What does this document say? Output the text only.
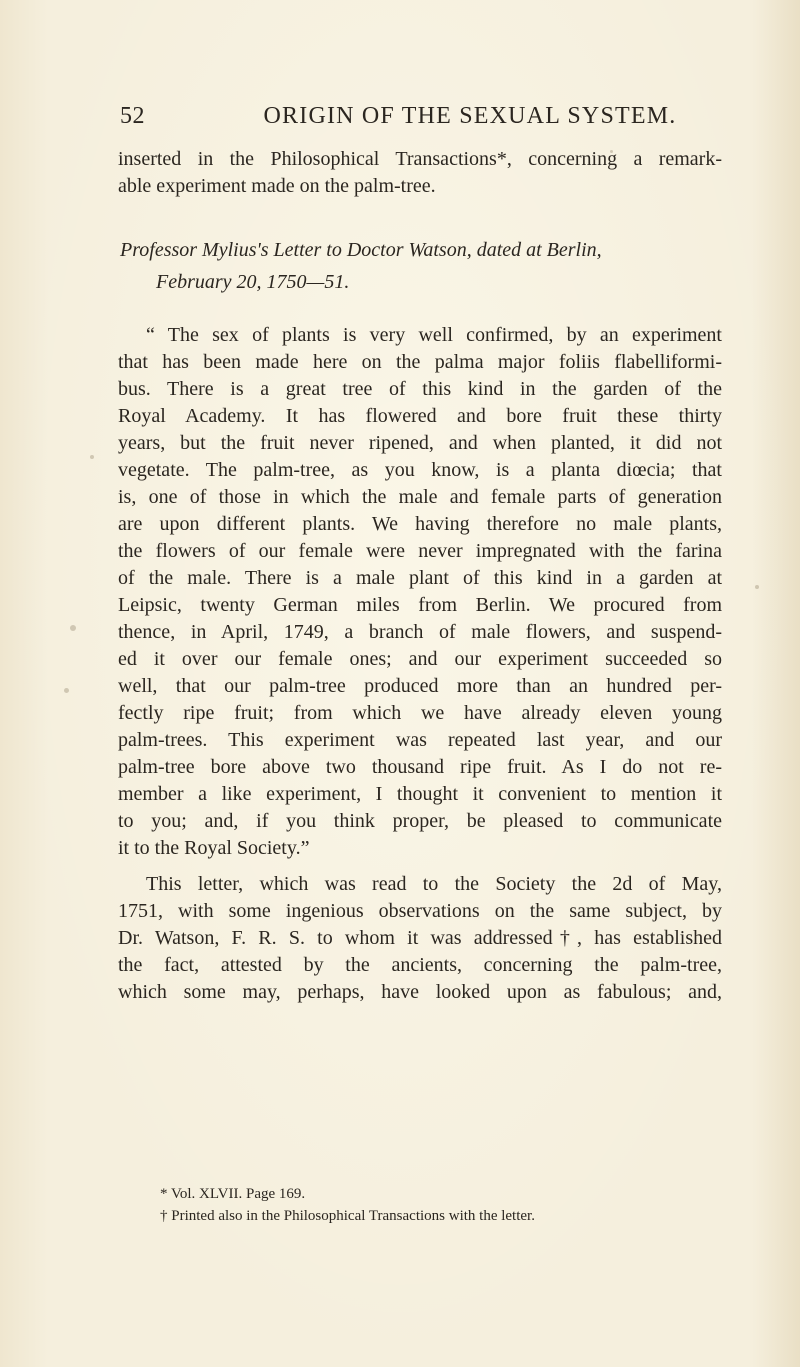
52	ORIGIN OF THE SEXUAL SYSTEM.
inserted in the Philosophical Transactions*, concerning a remark-
able experiment made on the palm-tree.
Professor Mylius's Letter to Doctor Watson, dated at Berlin,
February 20, 1750—51.
“ The sex of plants is very well confirmed, by an experiment
that has been made here on the palma major foliis flabelliformi-
bus. There is a great tree of this kind in the garden of the
Royal Academy. It has flowered and bore fruit these thirty
years, but the fruit never ripened, and when planted, it did not
vegetate. The palm-tree, as you know, is a planta diœcia; that
is, one of those in which the male and female parts of generation
are upon different plants. We having therefore no male plants,
the flowers of our female were never impregnated with the farina
of the male. There is a male plant of this kind in a garden at
Leipsic, twenty German miles from Berlin. We procured from
thence, in April, 1749, a branch of male flowers, and suspend-
ed it over our female ones; and our experiment succeeded so
well, that our palm-tree produced more than an hundred per-
fectly ripe fruit; from which we have already eleven young
palm-trees. This experiment was repeated last year, and our
palm-tree bore above two thousand ripe fruit. As I do not re-
member a like experiment, I thought it convenient to mention it
to you; and, if you think proper, be pleased to communicate
it to the Royal Society.”
This letter, which was read to the Society the 2d of May,
1751, with some ingenious observations on the same subject, by
Dr. Watson, F. R. S. to whom it was addressed†, has established
the fact, attested by the ancients, concerning the palm-tree,
which some may, perhaps, have looked upon as fabulous; and,
* Vol. XLVII. Page 169.
† Printed also in the Philosophical Transactions with the letter.
